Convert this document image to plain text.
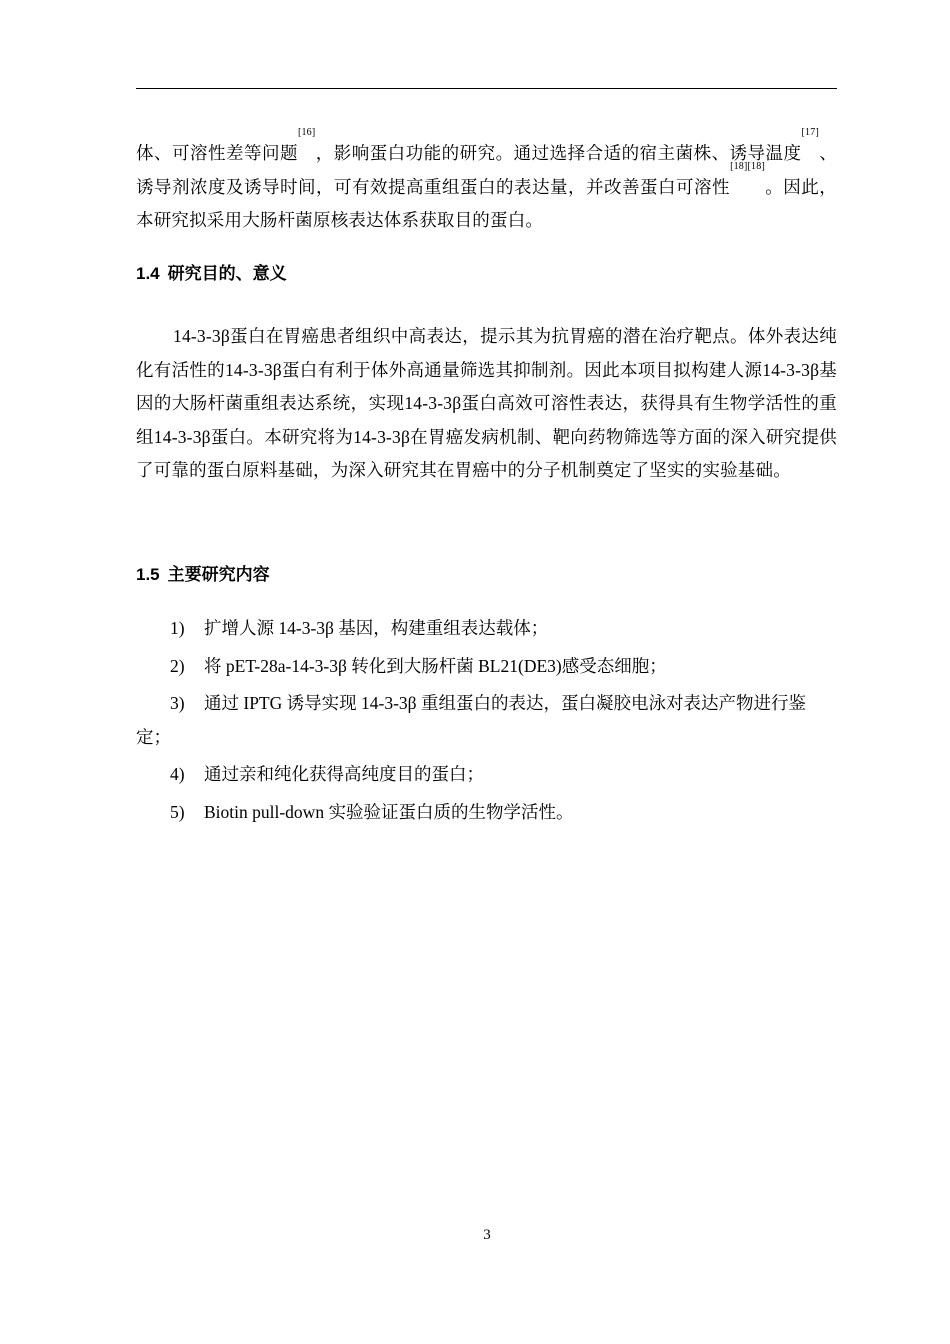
体、可溶性差等问题[16]，影响蛋白功能的研究。通过选择合适的宿主菌株、诱导温度[17]、诱导剂浓度及诱导时间，可有效提高重组蛋白的表达量，并改善蛋白可溶性[18][18]。因此，本研究拟采用大肠杆菌原核表达体系获取目的蛋白。

1.4 研究目的、意义

14-3-3β蛋白在胃癌患者组织中高表达，提示其为抗胃癌的潜在治疗靶点。体外表达纯化有活性的14-3-3β蛋白有利于体外高通量筛选其抑制剂。因此本项目拟构建人源14-3-3β基因的大肠杆菌重组表达系统，实现14-3-3β蛋白高效可溶性表达，获得具有生物学活性的重组14-3-3β蛋白。本研究将为14-3-3β在胃癌发病机制、靶向药物筛选等方面的深入研究提供了可靠的蛋白原料基础，为深入研究其在胃癌中的分子机制奠定了坚实的实验基础。

1.5 主要研究内容
1) 扩增人源 14-3-3β 基因，构建重组表达载体；
2) 将 pET-28a-14-3-3β 转化到大肠杆菌 BL21(DE3)感受态细胞；
3) 通过 IPTG 诱导实现 14-3-3β 重组蛋白的表达，蛋白凝胶电泳对表达产物进行鉴定；
4) 通过亲和纯化获得高纯度目的蛋白；
5) Biotin pull-down 实验验证蛋白质的生物学活性。

3
